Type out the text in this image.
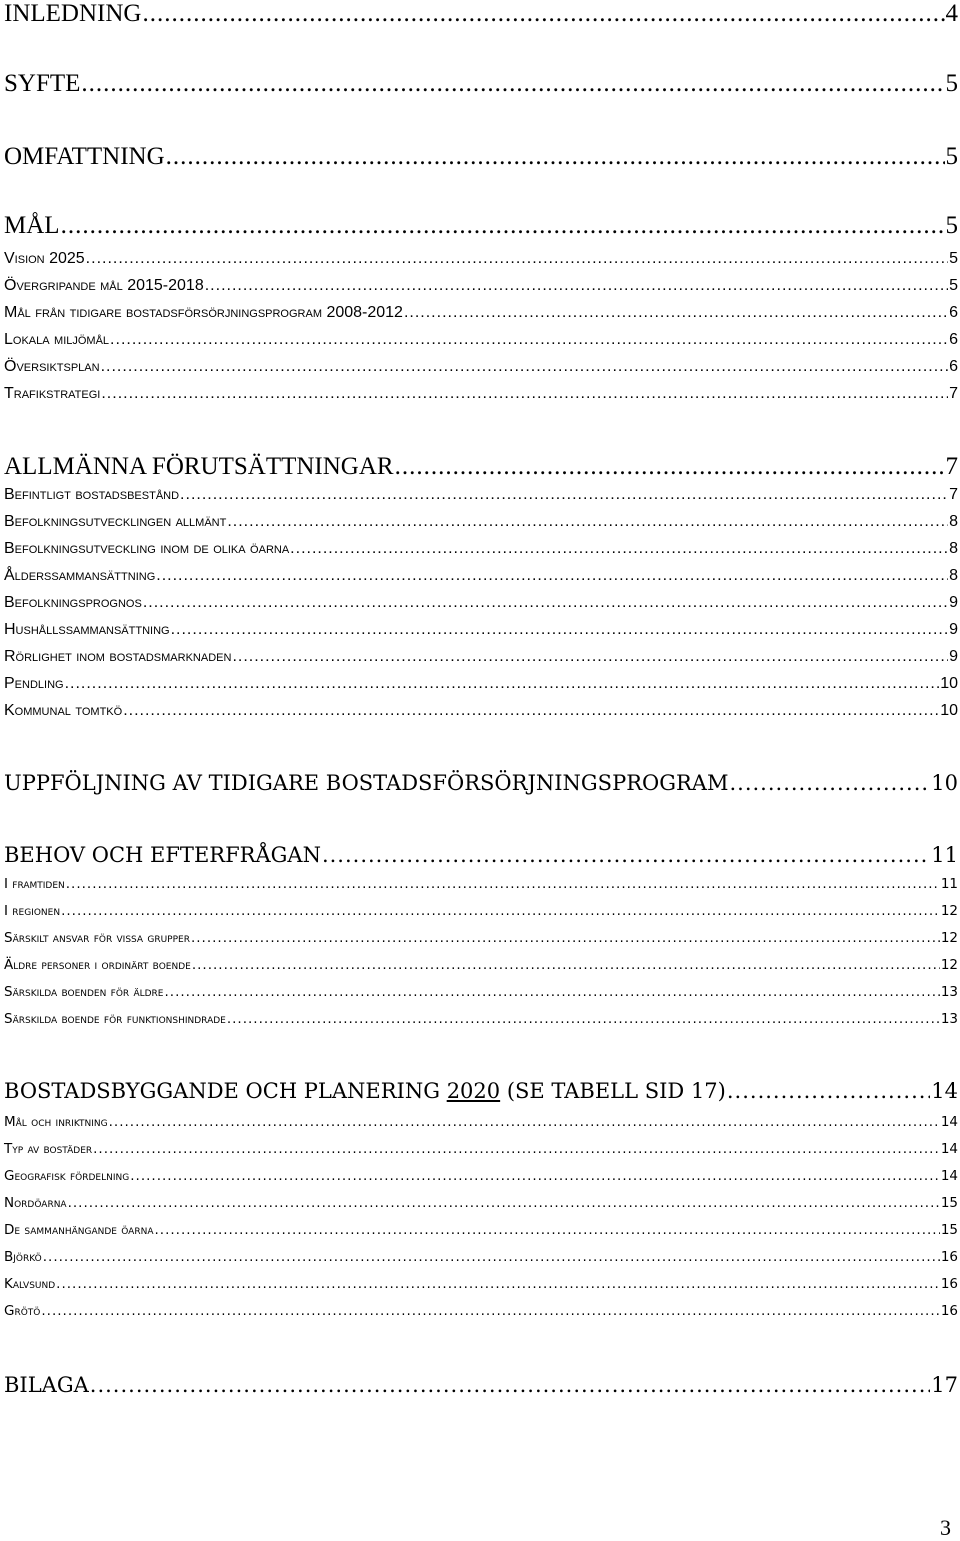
INLEDNING .....	4
SYFTE .....	5
OMFATTNING .....	5
MÅL .....	5
Vision 2025 .....	5
Övergripande mål 2015-2018 .....	5
Mål från tidigare bostadsförsörjningsprogram 2008-2012 .....	6
Lokala miljömål .....	6
Översiktsplan .....	6
Trafikstrategi .....	7
ALLMÄNNA FÖRUTSÄTTNINGAR .....	7
Befintligt bostadsbestånd .....	7
Befolkningsutvecklingen allmänt .....	8
Befolkningsutveckling inom de olika öarna .....	8
Ålderssammansättning .....	8
Befolkningsprognos .....	9
Hushållssammansättning .....	9
Rörlighet inom bostadsmarknaden .....	9
Pendling .....	10
Kommunal tomtkö .....	10
UPPFÖLJNING AV TIDIGARE BOSTADSFÖRSÖRJNINGSPROGRAM .....	10
BEHOV OCH EFTERFRÅGAN .....	11
I framtiden .....	11
I regionen .....	12
Särskilt ansvar för vissa grupper .....	12
Äldre personer i ordinärt boende .....	12
Särskilda boenden för äldre .....	13
Särskilda boende för funktionshindrade .....	13
BOSTADSBYGGANDE OCH PLANERING 2020 (SE TABELL SID 17) .....	14
Mål och inriktning .....	14
Typ av bostäder .....	14
Geografisk fördelning .....	14
Nordöarna .....	15
De sammanhängande öarna .....	15
Björkö .....	16
Kalvsund .....	16
Grötö .....	16
BILAGA .....	17
3
